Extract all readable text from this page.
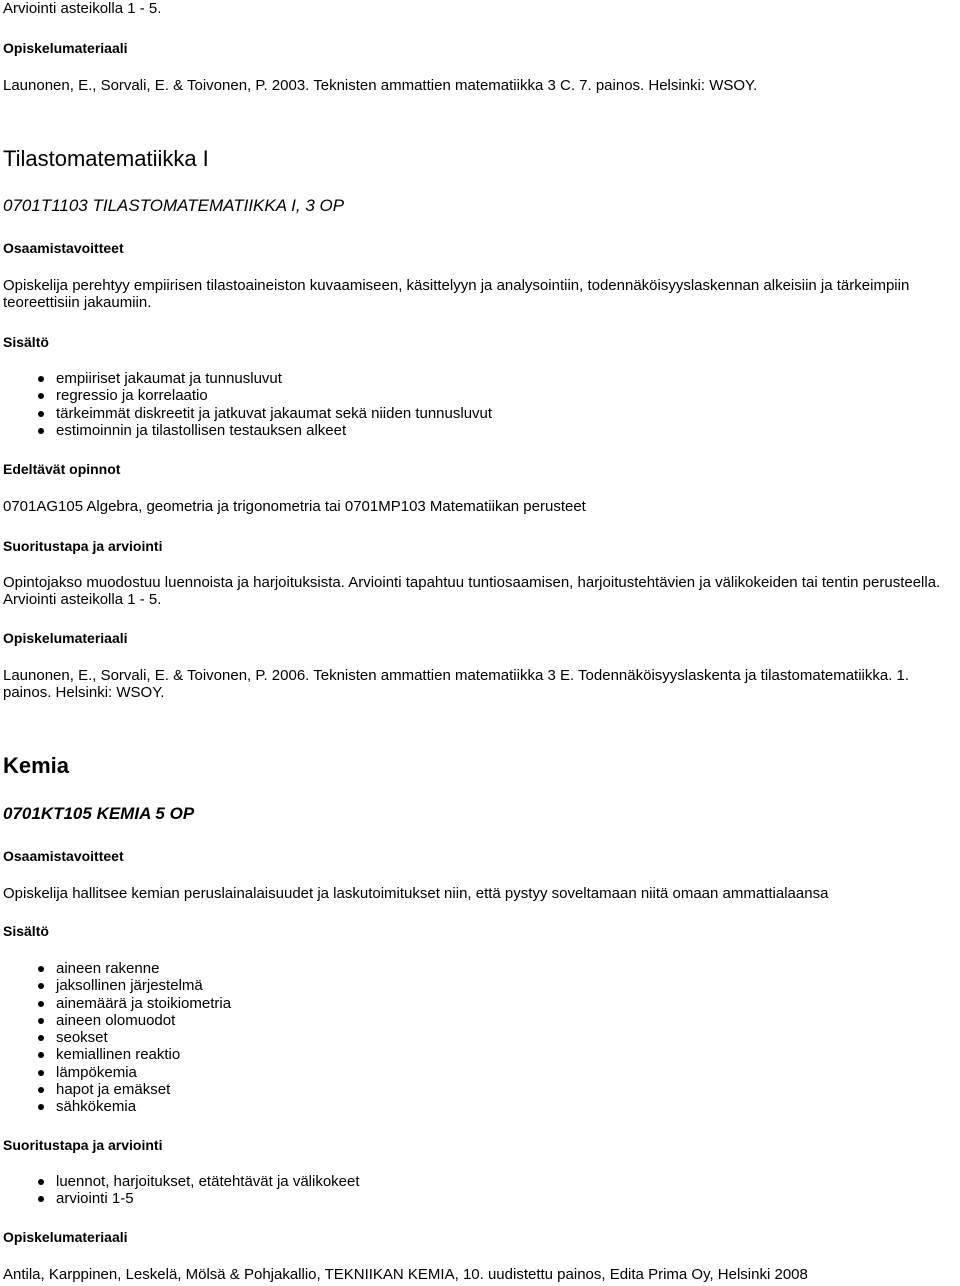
Arviointi asteikolla 1 - 5.

Opiskelumateriaali

Launonen, E., Sorvali, E. & Toivonen, P. 2003. Teknisten ammattien matematiikka 3 C. 7. painos. Helsinki: WSOY.

Tilastomatematiikka I

0701T1103 TILASTOMATEMATIIKKA I, 3 OP

Osaamistavoitteet

Opiskelija perehtyy empiirisen tilastoaineiston kuvaamiseen, käsittelyyn ja analysointiin, todennäköisyyslaskennan alkeisiin ja tärkeimpiin teoreettisiin jakaumiin.

Sisältö

empiiriset jakaumat ja tunnusluvut
regressio ja korrelaatio
tärkeimmät diskreetit ja jatkuvat jakaumat sekä niiden tunnusluvut
estimoinnin ja tilastollisen testauksen alkeet

Edeltävät opinnot

0701AG105 Algebra, geometria ja trigonometria tai 0701MP103 Matematiikan perusteet

Suoritustapa ja arviointi

Opintojakso muodostuu luennoista ja harjoituksista. Arviointi tapahtuu tuntiosaamisen, harjoitustehtävien ja välikokeiden tai tentin perusteella. Arviointi asteikolla 1 - 5.

Opiskelumateriaali

Launonen, E., Sorvali, E. & Toivonen, P. 2006. Teknisten ammattien matematiikka 3 E. Todennäköisyyslaskenta ja tilastomatematiikka. 1. painos. Helsinki: WSOY.

Kemia

0701KT105 KEMIA 5 OP

Osaamistavoitteet

Opiskelija hallitsee kemian peruslainalaisuudet ja laskutoimitukset niin, että pystyy soveltamaan niitä omaan ammattialaansa

Sisältö

aineen rakenne
jaksollinen järjestelmä
ainemäärä ja stoikiometria
aineen olomuodot
seokset
kemiallinen reaktio
lämpökemia
hapot ja emäkset
sähkökemia

Suoritustapa ja arviointi

luennot, harjoitukset, etätehtävät ja välikokeet
arviointi 1-5

Opiskelumateriaali

Antila, Karppinen, Leskelä, Mölsä & Pohjakallio, TEKNIIKAN KEMIA, 10. uudistettu painos, Edita Prima Oy, Helsinki 2008
